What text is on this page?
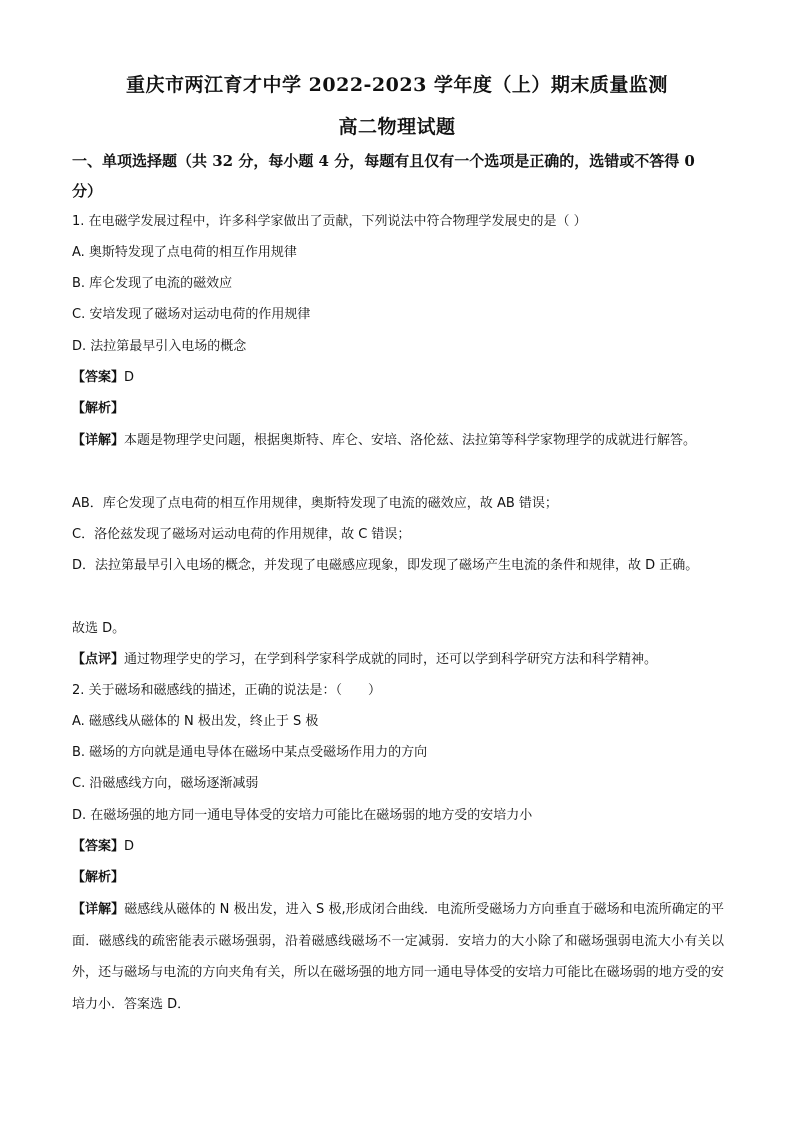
重庆市两江育才中学 2022-2023 学年度（上）期末质量监测
高二物理试题
一、单项选择题（共 32 分，每小题 4 分，每题有且仅有一个选项是正确的，选错或不答得 0 分）
1. 在电磁学发展过程中，许多科学家做出了贡献，下列说法中符合物理学发展史的是（ ）
A. 奥斯特发现了点电荷的相互作用规律
B. 库仑发现了电流的磁效应
C. 安培发现了磁场对运动电荷的作用规律
D. 法拉第最早引入电场的概念
【答案】D
【解析】
【详解】本题是物理学史问题，根据奥斯特、库仑、安培、洛伦兹、法拉第等科学家物理学的成就进行解答。
AB．库仑发现了点电荷的相互作用规律，奥斯特发现了电流的磁效应，故 AB 错误；
C．洛伦兹发现了磁场对运动电荷的作用规律，故 C 错误；
D．法拉第最早引入电场的概念，并发现了电磁感应现象，即发现了磁场产生电流的条件和规律，故 D 正确。
故选 D。
【点评】通过物理学史的学习，在学到科学家科学成就的同时，还可以学到科学研究方法和科学精神。
2. 关于磁场和磁感线的描述，正确的说法是：（　　）
A. 磁感线从磁体的 N 极出发，终止于 S 极
B. 磁场的方向就是通电导体在磁场中某点受磁场作用力的方向
C. 沿磁感线方向，磁场逐渐减弱
D. 在磁场强的地方同一通电导体受的安培力可能比在磁场弱的地方受的安培力小
【答案】D
【解析】
【详解】磁感线从磁体的 N 极出发，进入 S 极,形成闭合曲线．电流所受磁场力方向垂直于磁场和电流所确定的平面．磁感线的疏密能表示磁场强弱，沿着磁感线磁场不一定减弱．安培力的大小除了和磁场强弱电流大小有关以外，还与磁场与电流的方向夹角有关，所以在磁场强的地方同一通电导体受的安培力可能比在磁场弱的地方受的安培力小．答案选 D．
